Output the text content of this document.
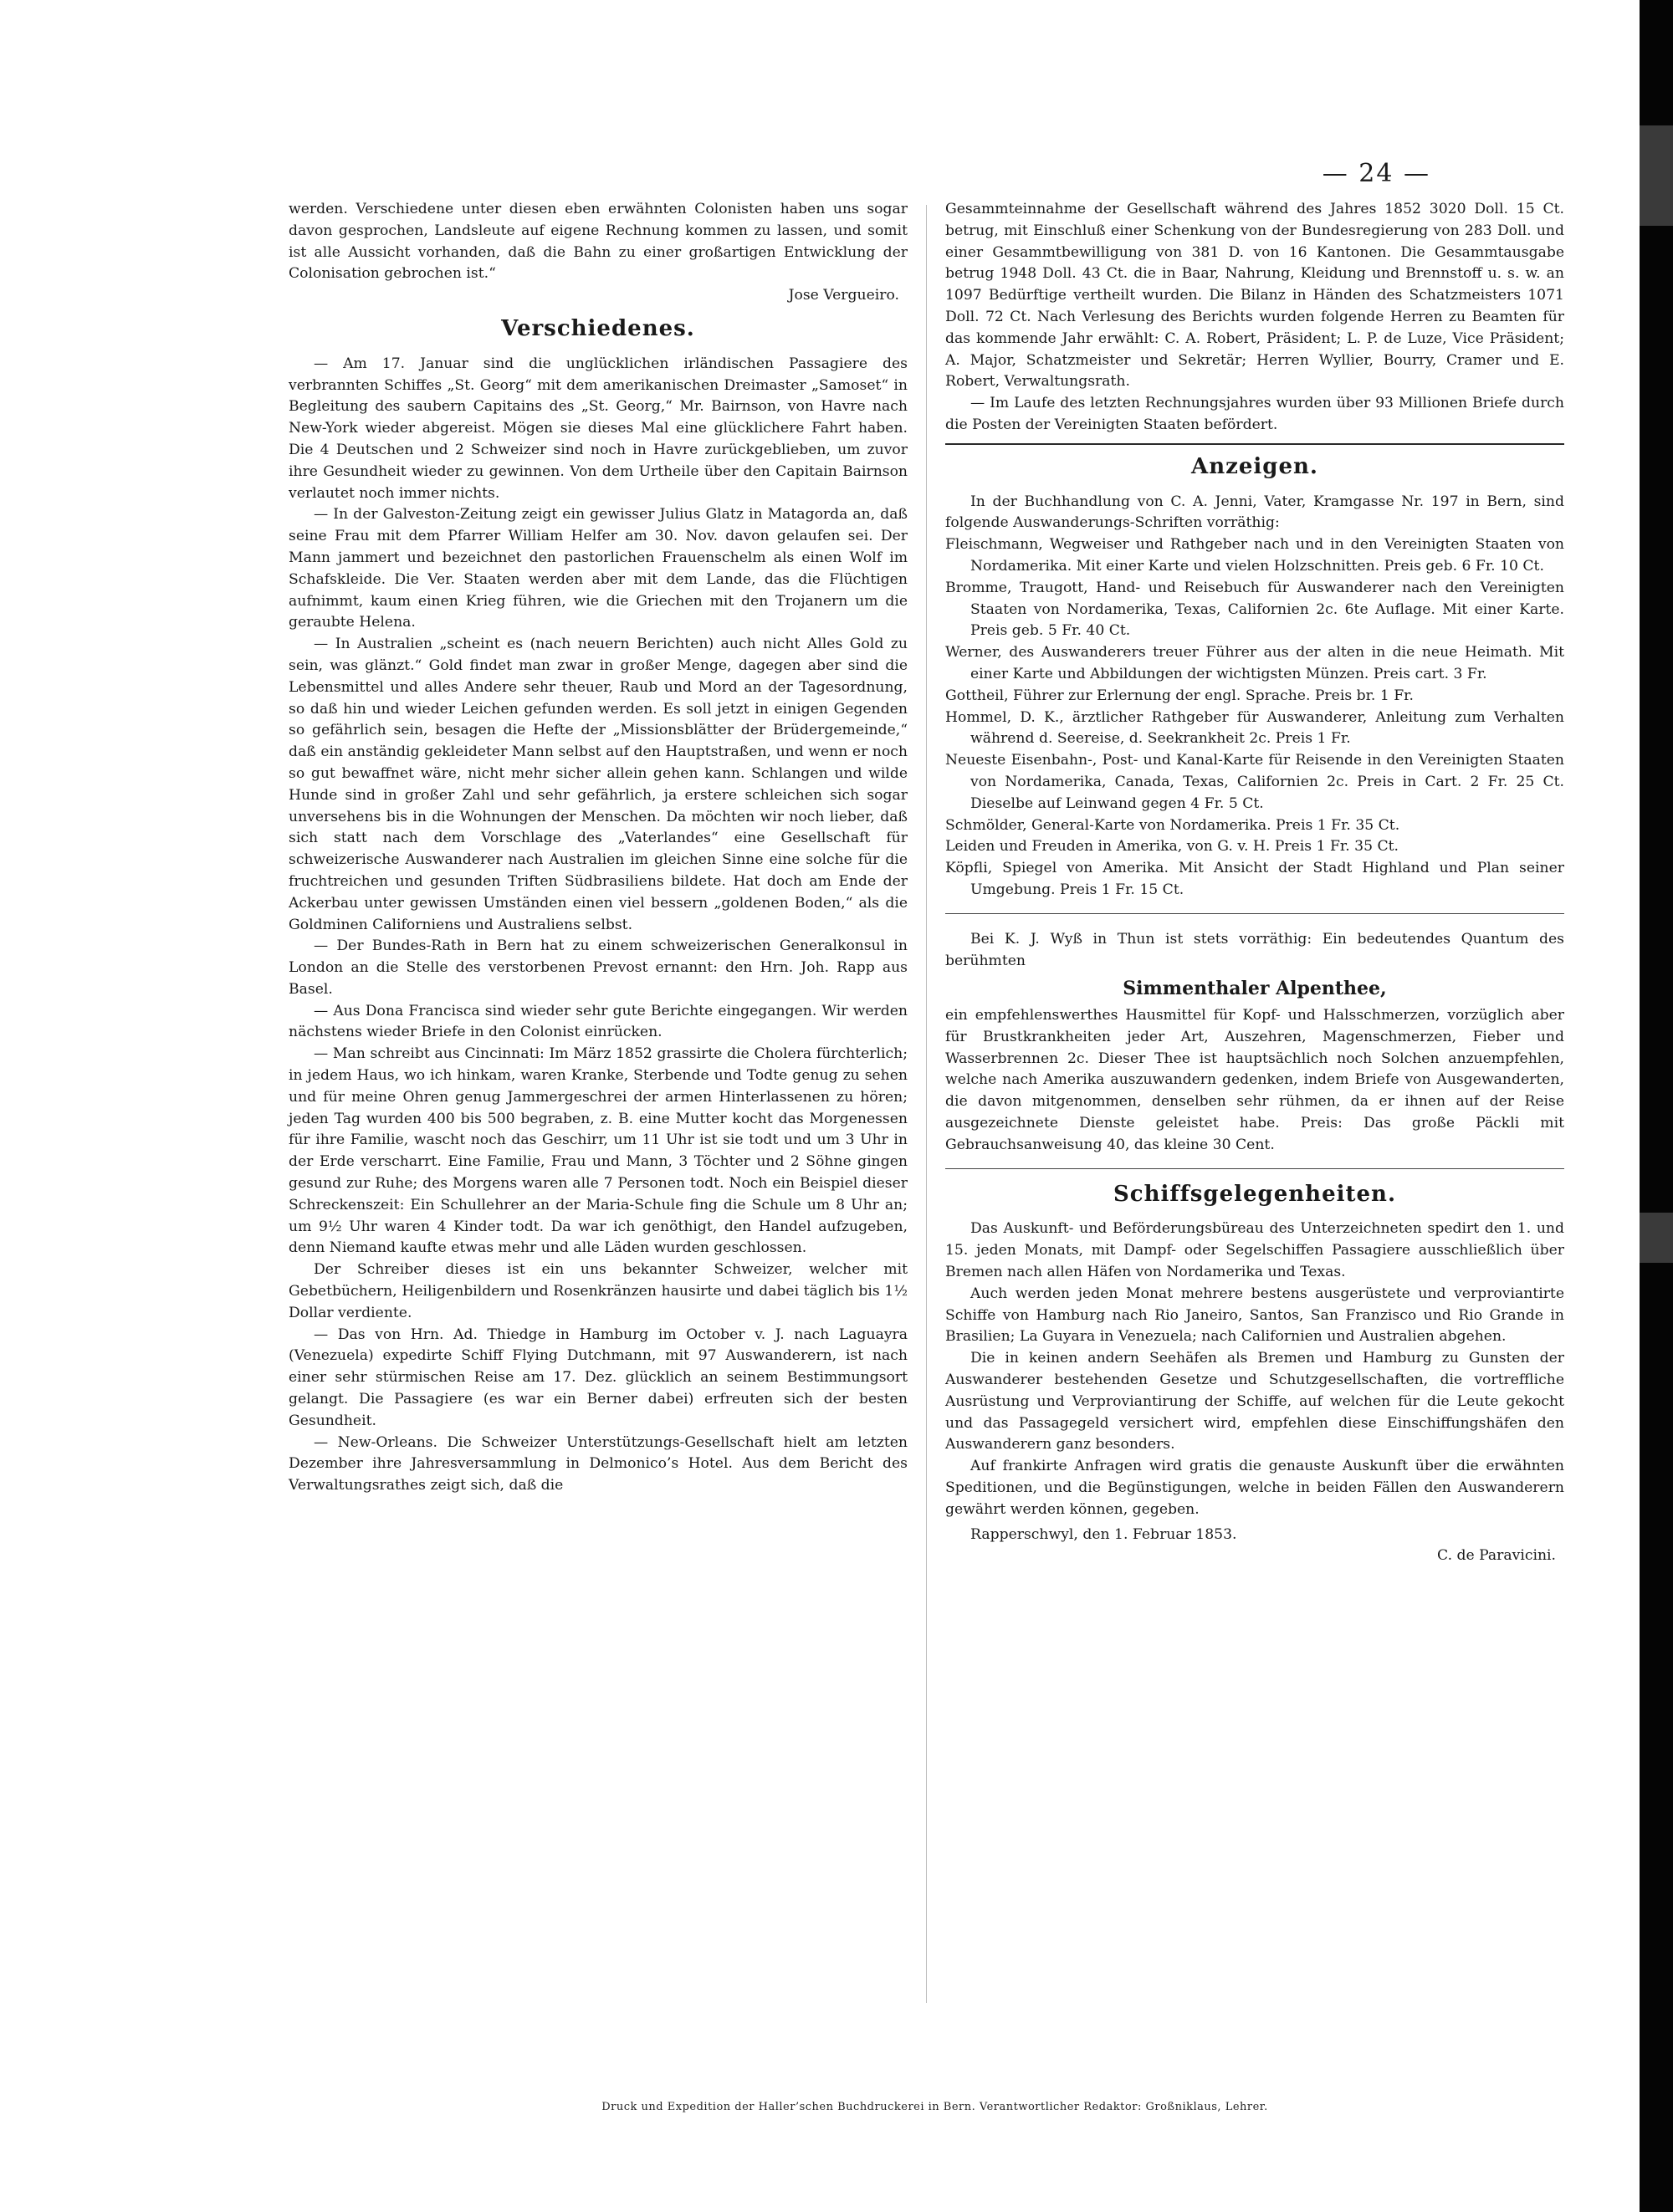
— 24 —

werden. Verschiedene unter diesen eben erwähnten Colonisten haben uns sogar davon gesprochen, Landsleute auf eigene Rechnung kommen zu lassen, und somit ist alle Aussicht vorhanden, daß die Bahn zu einer großartigen Entwicklung der Colonisation gebrochen ist.“

Jose Vergueiro.
Verschiedenes.

— Am 17. Januar sind die unglücklichen irländischen Passagiere des verbrannten Schiffes „St. Georg“ mit dem amerikanischen Dreimaster „Samoset“ in Begleitung des saubern Capitains des „St. Georg,“ Mr. Bairnson, von Havre nach New-York wieder abgereist. Mögen sie dieses Mal eine glücklichere Fahrt haben. Die 4 Deutschen und 2 Schweizer sind noch in Havre zurückgeblieben, um zuvor ihre Gesundheit wieder zu gewinnen. Von dem Urtheile über den Capitain Bairnson verlautet noch immer nichts.

— In der Galveston-Zeitung zeigt ein gewisser Julius Glatz in Matagorda an, daß seine Frau mit dem Pfarrer William Helfer am 30. Nov. davon gelaufen sei. Der Mann jammert und bezeichnet den pastorlichen Frauenschelm als einen Wolf im Schafskleide. Die Ver. Staaten werden aber mit dem Lande, das die Flüchtigen aufnimmt, kaum einen Krieg führen, wie die Griechen mit den Trojanern um die geraubte Helena.

— In Australien „scheint es (nach neuern Berichten) auch nicht Alles Gold zu sein, was glänzt.“ Gold findet man zwar in großer Menge, dagegen aber sind die Lebensmittel und alles Andere sehr theuer, Raub und Mord an der Tagesordnung, so daß hin und wieder Leichen gefunden werden. Es soll jetzt in einigen Gegenden so gefährlich sein, besagen die Hefte der „Missionsblätter der Brüdergemeinde,“ daß ein anständig gekleideter Mann selbst auf den Hauptstraßen, und wenn er noch so gut bewaffnet wäre, nicht mehr sicher allein gehen kann. Schlangen und wilde Hunde sind in großer Zahl und sehr gefährlich, ja erstere schleichen sich sogar unversehens bis in die Wohnungen der Menschen. Da möchten wir noch lieber, daß sich statt nach dem Vorschlage des „Vaterlandes“ eine Gesellschaft für schweizerische Auswanderer nach Australien im gleichen Sinne eine solche für die fruchtreichen und gesunden Triften Südbrasiliens bildete. Hat doch am Ende der Ackerbau unter gewissen Umständen einen viel bessern „goldenen Boden,“ als die Goldminen Californiens und Australiens selbst.

— Der Bundes-Rath in Bern hat zu einem schweizerischen Generalkonsul in London an die Stelle des verstorbenen Prevost ernannt: den Hrn. Joh. Rapp aus Basel.

— Aus Dona Francisca sind wieder sehr gute Berichte eingegangen. Wir werden nächstens wieder Briefe in den Colonist einrücken.

— Man schreibt aus Cincinnati: Im März 1852 grassirte die Cholera fürchterlich; in jedem Haus, wo ich hinkam, waren Kranke, Sterbende und Todte genug zu sehen und für meine Ohren genug Jammergeschrei der armen Hinterlassenen zu hören; jeden Tag wurden 400 bis 500 begraben, z. B. eine Mutter kocht das Morgenessen für ihre Familie, wascht noch das Geschirr, um 11 Uhr ist sie todt und um 3 Uhr in der Erde verscharrt. Eine Familie, Frau und Mann, 3 Töchter und 2 Söhne gingen gesund zur Ruhe; des Morgens waren alle 7 Personen todt. Noch ein Beispiel dieser Schreckenszeit: Ein Schullehrer an der Maria-Schule fing die Schule um 8 Uhr an; um 9½ Uhr waren 4 Kinder todt. Da war ich genöthigt, den Handel aufzugeben, denn Niemand kaufte etwas mehr und alle Läden wurden geschlossen.

Der Schreiber dieses ist ein uns bekannter Schweizer, welcher mit Gebetbüchern, Heiligenbildern und Rosenkränzen hausirte und dabei täglich bis 1½ Dollar verdiente.

— Das von Hrn. Ad. Thiedge in Hamburg im October v. J. nach Laguayra (Venezuela) expedirte Schiff Flying Dutchmann, mit 97 Auswanderern, ist nach einer sehr stürmischen Reise am 17. Dez. glücklich an seinem Bestimmungsort gelangt. Die Passagiere (es war ein Berner dabei) erfreuten sich der besten Gesundheit.

— New-Orleans. Die Schweizer Unterstützungs-Gesellschaft hielt am letzten Dezember ihre Jahresversammlung in Delmonico’s Hotel. Aus dem Bericht des Verwaltungsrathes zeigt sich, daß die

Gesammteinnahme der Gesellschaft während des Jahres 1852 3020 Doll. 15 Ct. betrug, mit Einschluß einer Schenkung von der Bundesregierung von 283 Doll. und einer Gesammtbewilligung von 381 D. von 16 Kantonen. Die Gesammtausgabe betrug 1948 Doll. 43 Ct. die in Baar, Nahrung, Kleidung und Brennstoff u. s. w. an 1097 Bedürftige vertheilt wurden. Die Bilanz in Händen des Schatzmeisters 1071 Doll. 72 Ct. Nach Verlesung des Berichts wurden folgende Herren zu Beamten für das kommende Jahr erwählt: C. A. Robert, Präsident; L. P. de Luze, Vice Präsident; A. Major, Schatzmeister und Sekretär; Herren Wyllier, Bourry, Cramer und E. Robert, Verwaltungsrath.

— Im Laufe des letzten Rechnungsjahres wurden über 93 Millionen Briefe durch die Posten der Vereinigten Staaten befördert.

Anzeigen.

In der Buchhandlung von C. A. Jenni, Vater, Kramgasse Nr. 197 in Bern, sind folgende Auswanderungs-Schriften vorräthig:

Fleischmann, Wegweiser und Rathgeber nach und in den Vereinigten Staaten von Nordamerika. Mit einer Karte und vielen Holzschnitten. Preis geb. 6 Fr. 10 Ct.

Bromme, Traugott, Hand- und Reisebuch für Auswanderer nach den Vereinigten Staaten von Nordamerika, Texas, Californien 2c. 6te Auflage. Mit einer Karte. Preis geb. 5 Fr. 40 Ct.

Werner, des Auswanderers treuer Führer aus der alten in die neue Heimath. Mit einer Karte und Abbildungen der wichtigsten Münzen. Preis cart. 3 Fr.

Gottheil, Führer zur Erlernung der engl. Sprache. Preis br. 1 Fr.

Hommel, D. K., ärztlicher Rathgeber für Auswanderer, Anleitung zum Verhalten während d. Seereise, d. Seekrankheit 2c. Preis 1 Fr.

Neueste Eisenbahn-, Post- und Kanal-Karte für Reisende in den Vereinigten Staaten von Nordamerika, Canada, Texas, Californien 2c. Preis in Cart. 2 Fr. 25 Ct. Dieselbe auf Leinwand gegen 4 Fr. 5 Ct.

Schmölder, General-Karte von Nordamerika. Preis 1 Fr. 35 Ct.

Leiden und Freuden in Amerika, von G. v. H. Preis 1 Fr. 35 Ct.

Köpfli, Spiegel von Amerika. Mit Ansicht der Stadt Highland und Plan seiner Umgebung. Preis 1 Fr. 15 Ct.

Bei K. J. Wyß in Thun ist stets vorräthig: Ein bedeutendes Quantum des berühmten

Simmenthaler Alpenthee,

ein empfehlenswerthes Hausmittel für Kopf- und Halsschmerzen, vorzüglich aber für Brustkrankheiten jeder Art, Auszehren, Magenschmerzen, Fieber und Wasserbrennen 2c. Dieser Thee ist hauptsächlich noch Solchen anzuempfehlen, welche nach Amerika auszuwandern gedenken, indem Briefe von Ausgewanderten, die davon mitgenommen, denselben sehr rühmen, da er ihnen auf der Reise ausgezeichnete Dienste geleistet habe. Preis: Das große Päckli mit Gebrauchsanweisung 40, das kleine 30 Cent.

Schiffsgelegenheiten.

Das Auskunft- und Beförderungsbüreau des Unterzeichneten spedirt den 1. und 15. jeden Monats, mit Dampf- oder Segelschiffen Passagiere ausschließlich über Bremen nach allen Häfen von Nordamerika und Texas.

Auch werden jeden Monat mehrere bestens ausgerüstete und verproviantirte Schiffe von Hamburg nach Rio Janeiro, Santos, San Franzisco und Rio Grande in Brasilien; La Guyara in Venezuela; nach Californien und Australien abgehen.

Die in keinen andern Seehäfen als Bremen und Hamburg zu Gunsten der Auswanderer bestehenden Gesetze und Schutzgesellschaften, die vortreffliche Ausrüstung und Verproviantirung der Schiffe, auf welchen für die Leute gekocht und das Passagegeld versichert wird, empfehlen diese Einschiffungshäfen den Auswanderern ganz besonders.

Auf frankirte Anfragen wird gratis die genauste Auskunft über die erwähnten Speditionen, und die Begünstigungen, welche in beiden Fällen den Auswanderern gewährt werden können, gegeben.

Rapperschwyl, den 1. Februar 1853.

C. de Paravicini.
Druck und Expedition der Haller’schen Buchdruckerei in Bern. Verantwortlicher Redaktor: Großniklaus, Lehrer.
